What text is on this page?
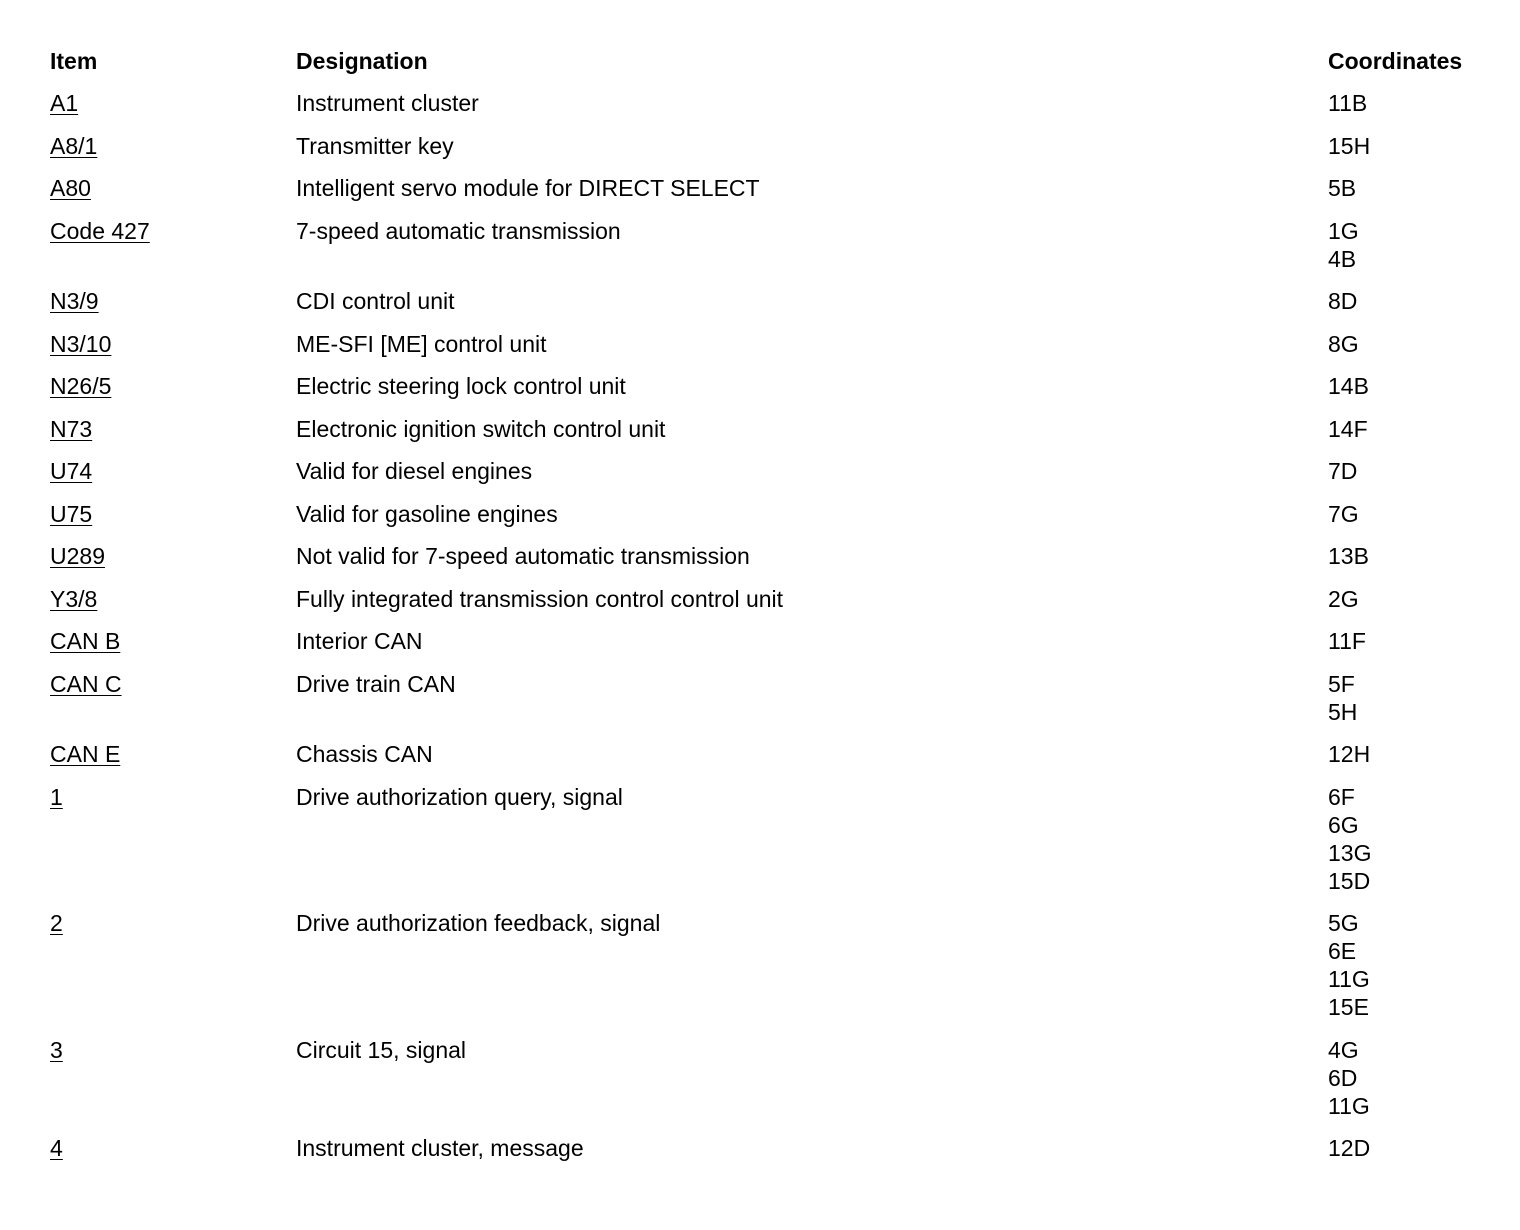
Item	Designation	Coordinates
A1	Instrument cluster	11B
A8/1	Transmitter key	15H
A80	Intelligent servo module for DIRECT SELECT	5B
Code 427	7-speed automatic transmission	1G
4B
N3/9	CDI control unit	8D
N3/10	ME-SFI [ME] control unit	8G
N26/5	Electric steering lock control unit	14B
N73	Electronic ignition switch control unit	14F
U74	Valid for diesel engines	7D
U75	Valid for gasoline engines	7G
U289	Not valid for 7-speed automatic transmission	13B
Y3/8	Fully integrated transmission control control unit	2G
CAN B	Interior CAN	11F
CAN C	Drive train CAN	5F
5H
CAN E	Chassis CAN	12H
1	Drive authorization query, signal	6F
6G
13G
15D
2	Drive authorization feedback, signal	5G
6E
11G
15E
3	Circuit 15, signal	4G
6D
11G
4	Instrument cluster, message	12D
